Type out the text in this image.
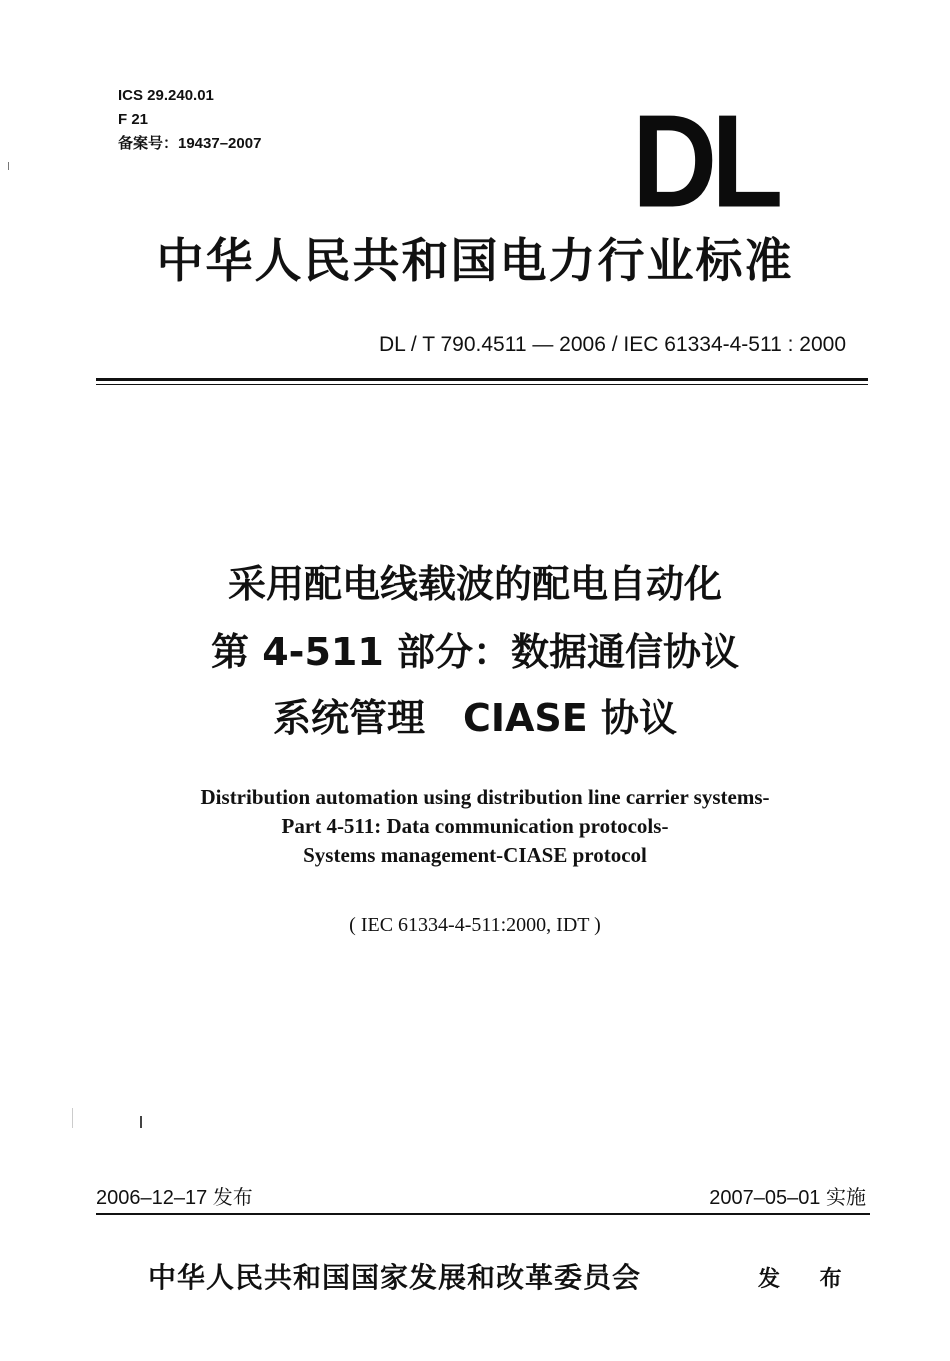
ICS 29.240.01
F 21
备案号：19437–2007	DL
中华人民共和国电力行业标准
DL / T 790.4511 — 2006 / IEC 61334-4-511 : 2000
采用配电线载波的配电自动化
第 4-511 部分：数据通信协议
系统管理　CIASE 协议
Distribution automation using distribution line carrier systems-
Part 4-511: Data communication protocols-
Systems management-CIASE protocol
( IEC 61334-4-511:2000, IDT )
2006–12–17 发布	2007–05–01 实施
中华人民共和国国家发展和改革委员会	发 布
